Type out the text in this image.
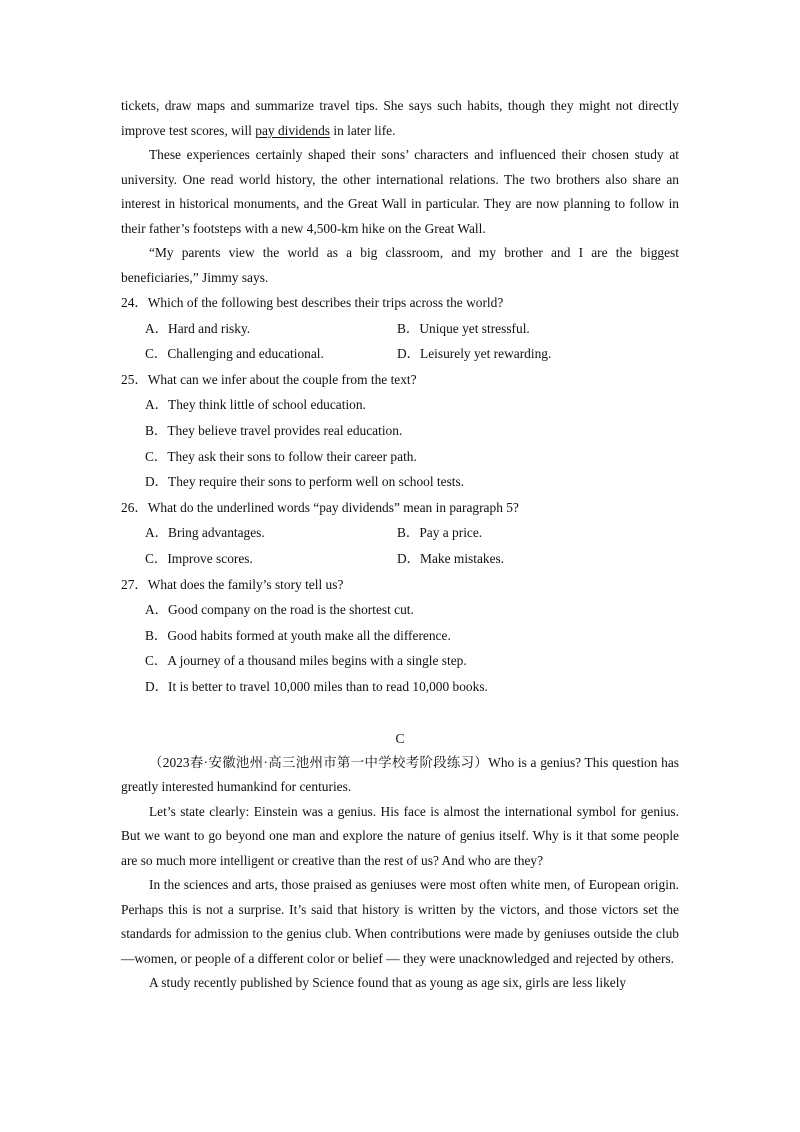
tickets, draw maps and summarize travel tips. She says such habits, though they might not directly improve test scores, will pay dividends in later life.

These experiences certainly shaped their sons’ characters and influenced their chosen study at university. One read world history, the other international relations. The two brothers also share an interest in historical monuments, and the Great Wall in particular. They are now planning to follow in their father’s footsteps with a new 4,500-km hike on the Great Wall.

“My parents view the world as a big classroom, and my brother and I are the biggest beneficiaries,” Jimmy says.

24．Which of the following best describes their trips across the world?

A．Hard and risky.	B．Unique yet stressful.
C．Challenging and educational.	D．Leisurely yet rewarding.

25．What can we infer about the couple from the text?

A．They think little of school education.
B．They believe travel provides real education.
C．They ask their sons to follow their career path.
D．They require their sons to perform well on school tests.

26．What do the underlined words “pay dividends” mean in paragraph 5?

A．Bring advantages.	B．Pay a price.
C．Improve scores.	D．Make mistakes.

27．What does the family’s story tell us?

A．Good company on the road is the shortest cut.
B．Good habits formed at youth make all the difference.
C．A journey of a thousand miles begins with a single step.
D．It is better to travel 10,000 miles than to read 10,000 books.

C

（2023春·安徽池州·高三池州市第一中学校考阶段练习）Who is a genius? This question has greatly interested humankind for centuries.

Let’s state clearly: Einstein was a genius. His face is almost the international symbol for genius. But we want to go beyond one man and explore the nature of genius itself. Why is it that some people are so much more intelligent or creative than the rest of us? And who are they?

In the sciences and arts, those praised as geniuses were most often white men, of European origin. Perhaps this is not a surprise. It’s said that history is written by the victors, and those victors set the standards for admission to the genius club. When contributions were made by geniuses outside the club—women, or people of a different color or belief — they were unacknowledged and rejected by others.

A study recently published by Science found that as young as age six, girls are less likely
